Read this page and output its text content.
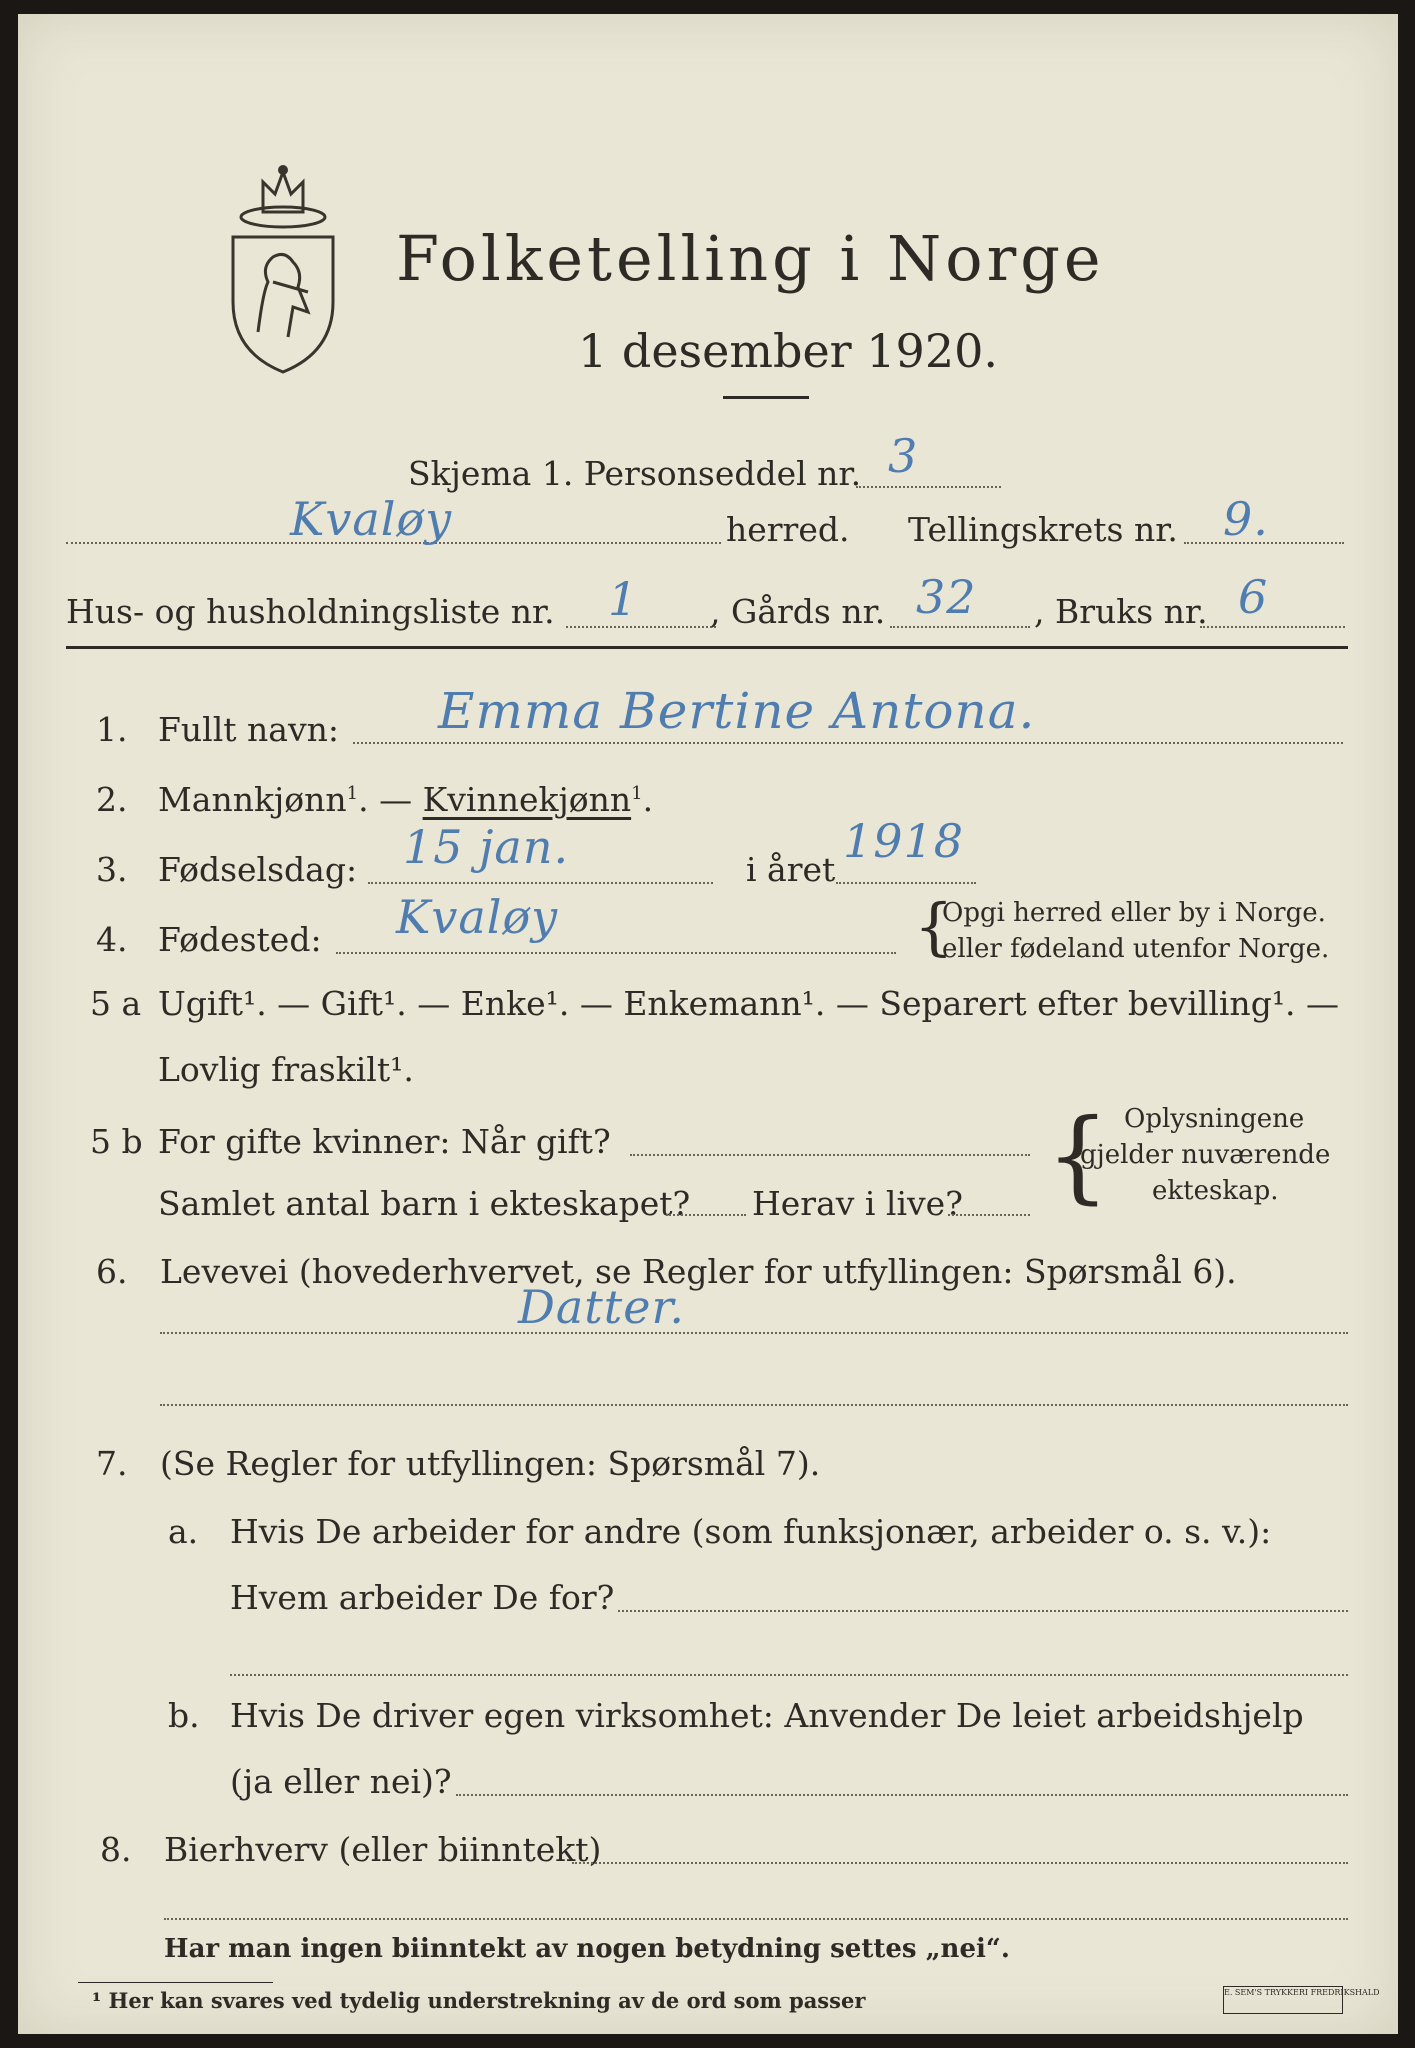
Folketelling i Norge
1 desember 1920.
Skjema 1. Personseddel nr. 3
Kvaløy	herred. Tellingskrets nr. 9.
Hus- og husholdningsliste nr. 1 , Gårds nr. 32 , Bruks nr. 6
1. Fullt navn: Emma Bertine Antona.
2. Mannkjønn$^1$. — Kvinnekjønn$^1$.
3. Fødselsdag: 15 jan.	i året
1918
4. Fødested: Kvaløy	{
Opgi herred eller by i Norge.
eller fødeland utenfor Norge.
5 a Ugift¹. — Gift¹. — Enke¹. — Enkemann¹. — Separert efter bevilling¹. —
Lovlig fraskilt¹.
5 b For gifte kvinner: Når gift?
Samlet antal barn i ekteskapet? Herav i live? { Oplysningene
gjelder nuværende
ekteskap.
6. Levevei (hovederhvervet, se Regler for utfyllingen: Spørsmål 6).
Datter.
7. (Se Regler for utfyllingen: Spørsmål 7).
a. Hvis De arbeider for andre (som funksjonær, arbeider o. s. v.):
Hvem arbeider De for?
b. Hvis De driver egen virksomhet: Anvender De leiet arbeidshjelp
(ja eller nei)?
8. Bierhverv (eller biinntekt)
Har man ingen biinntekt av nogen betydning settes „nei“.
¹ Her kan svares ved tydelig understrekning av de ord som passer	E. SEM'S TRYKKERI FREDRIKSHALD
